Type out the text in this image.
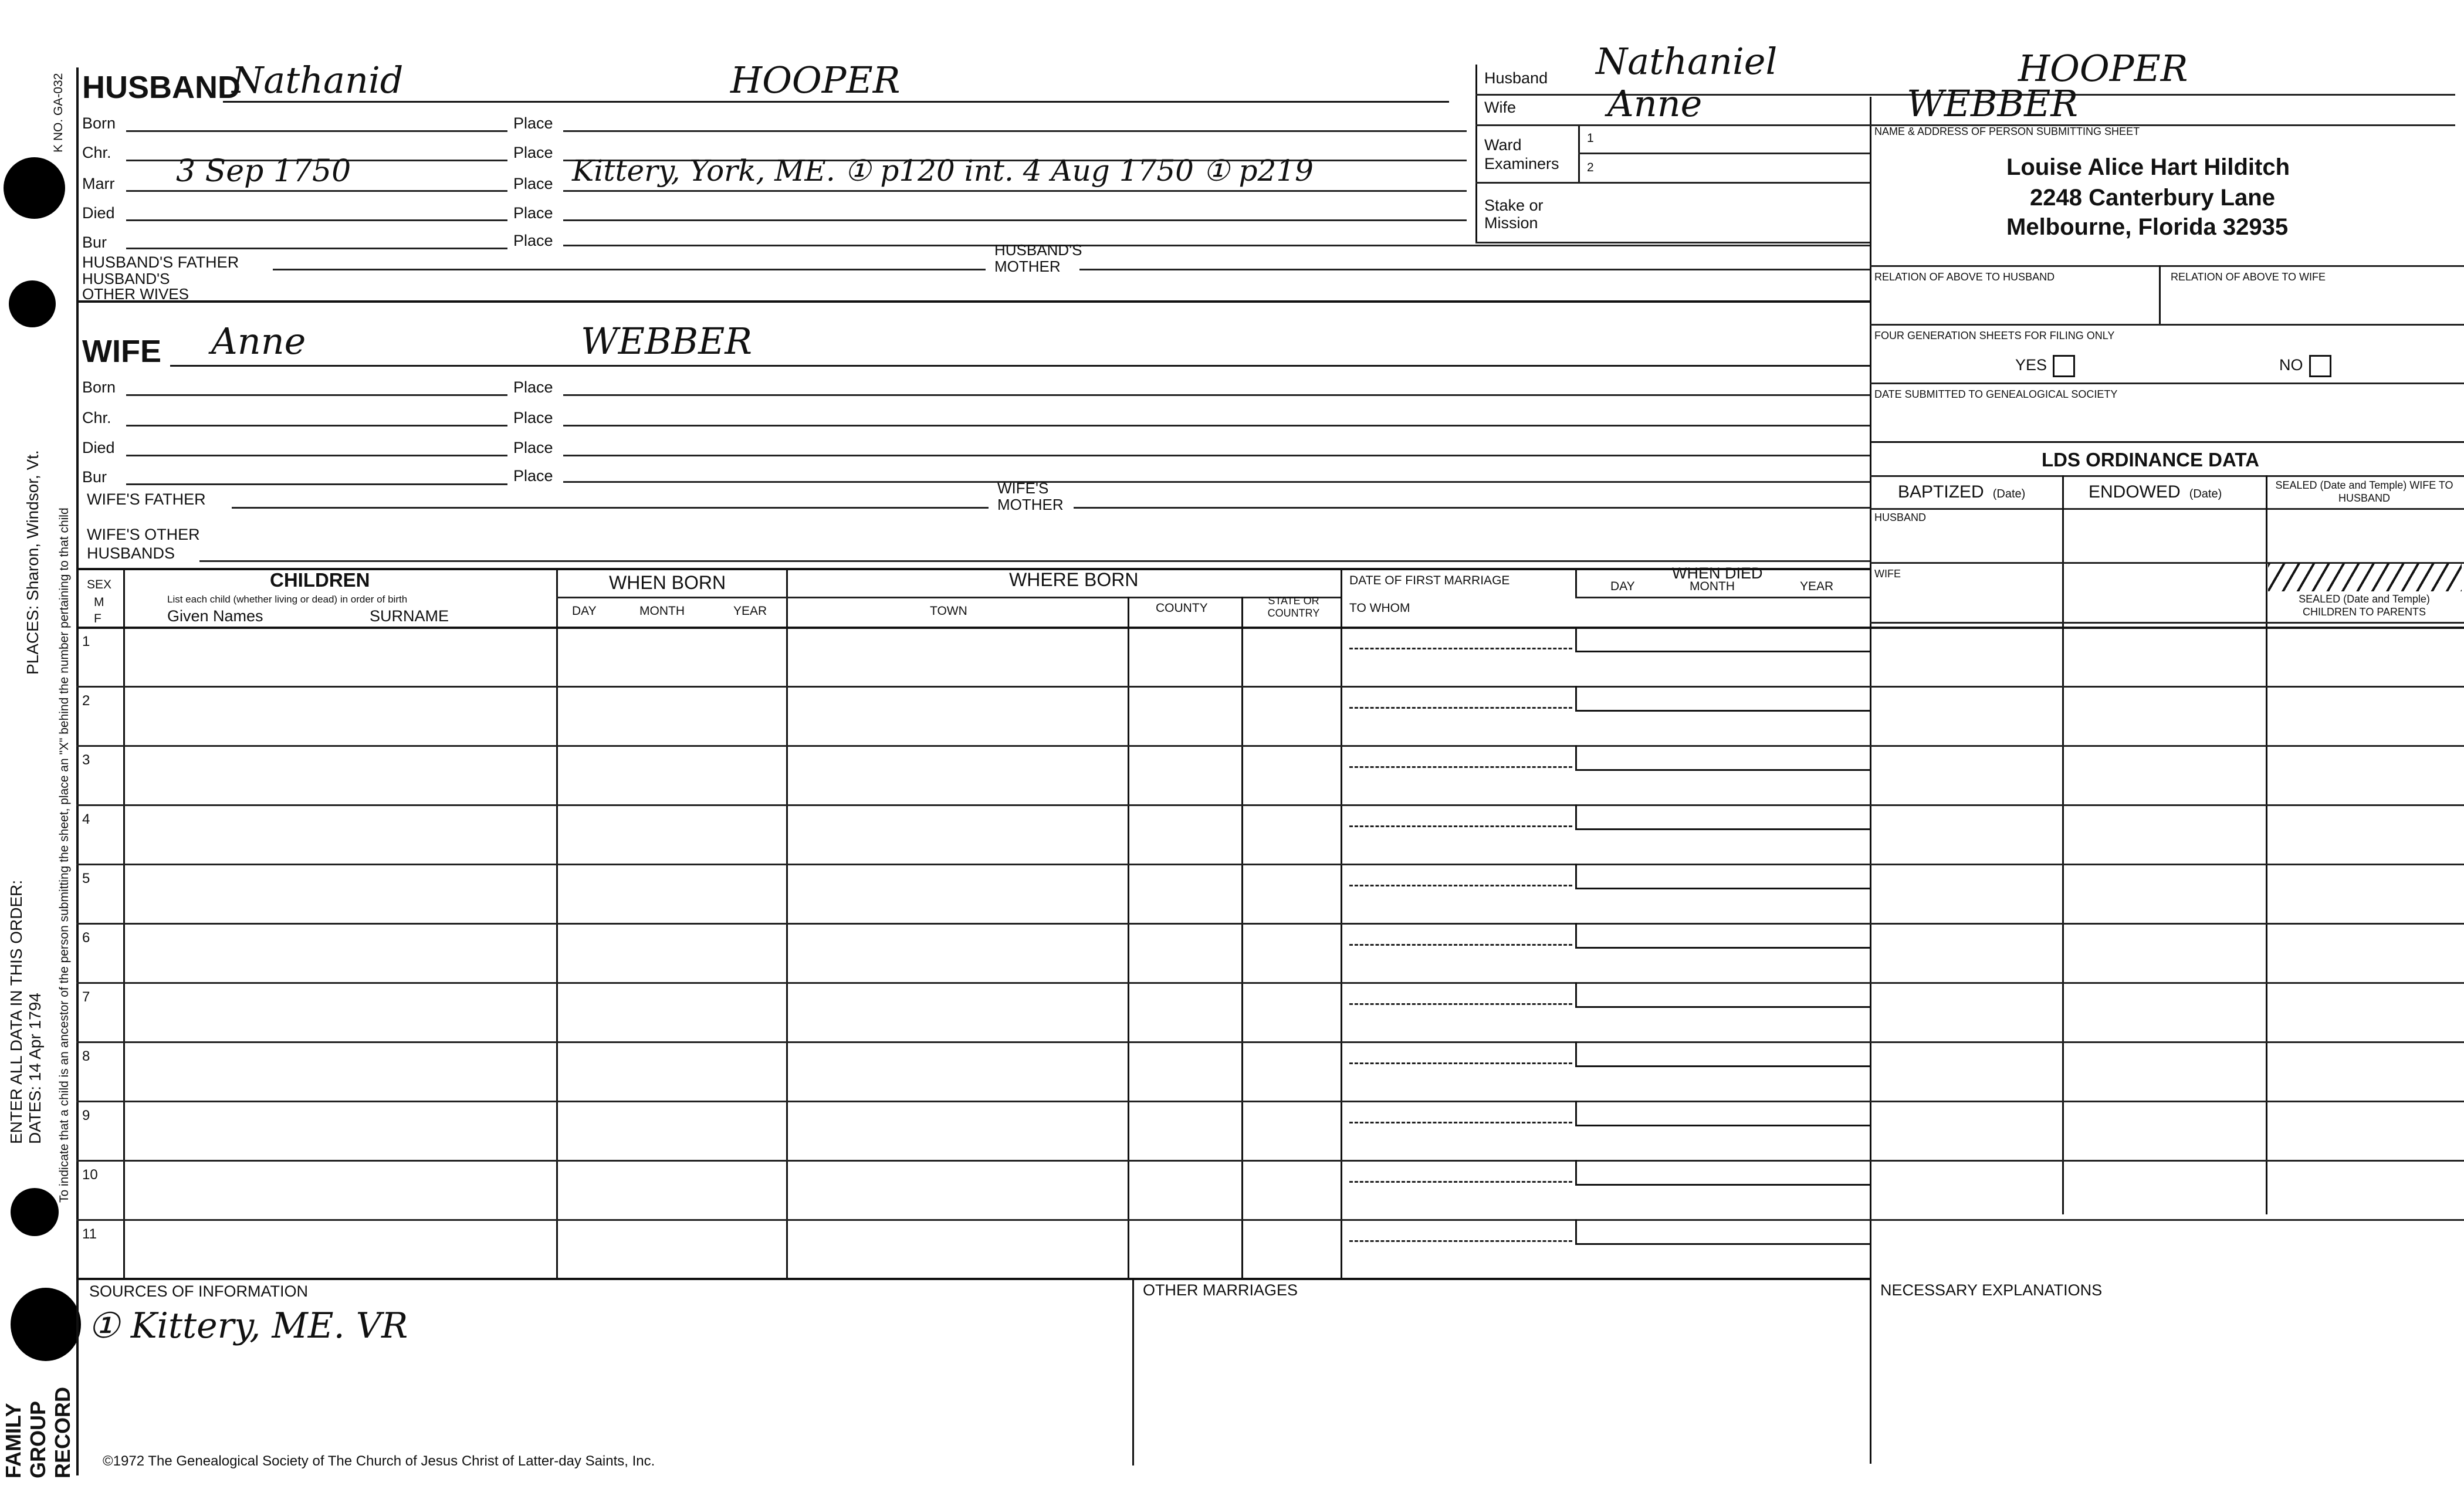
K NO. GA-032
PLACES: Sharon, Windsor, Vt. To indicate that a child is an ancestor of the person submitting the sheet, place an "X" behind the number pertaining to that child
ENTER ALL DATA IN THIS ORDER: DATES: 14 Apr 1794
FAMILY GROUP RECORD
HUSBAND
Nathanid	HOOPER
Born	Place
Chr.	Place
Marr 3 Sep 1750	Place Kittery, York, ME. ① p120 int. 4 Aug 1750 ① p219
Died	Place
Bur	Place
HUSBAND'S FATHER
HUSBAND'S MOTHER
HUSBAND'S OTHER WIVES
WIFE Anne	WEBBER
Born	Place
Chr.	Place
Died	Place
Bur	Place
WIFE'S FATHER
WIFE'S MOTHER
WIFE'S OTHER HUSBANDS
Husband Nathaniel	HOOPER
Wife	Anne	WEBBER
Ward	1
Examiners 2
Stake or
Mission
NAME & ADDRESS OF PERSON SUBMITTING SHEET
Louise Alice Hart Hilditch
2248 Canterbury Lane
Melbourne, Florida 32935
RELATION OF ABOVE TO HUSBAND	RELATION OF ABOVE TO WIFE
FOUR GENERATION SHEETS FOR FILING ONLY
YES	NO
DATE SUBMITTED TO GENEALOGICAL SOCIETY
LDS ORDINANCE DATA
BAPTIZED (Date)	ENDOWED (Date)
SEALED (Date and Temple) WIFE TO HUSBAND
HUSBAND
WIFE
SEALED (Date and Temple) CHILDREN TO PARENTS
SEX
M
F
CHILDREN
List each child (whether living or dead) in order of birth
Given Names	SURNAME
WHEN BORN
DAY	MONTH	YEAR
WHERE BORN
TOWN	COUNTY
STATE OR COUNTRY
DATE OF FIRST MARRIAGE
TO WHOM
WHEN DIED
DAY	MONTH	YEAR
1
2
3
4
5
6
7
8
9
10
11
SOURCES OF INFORMATION
① Kittery, ME. VR
OTHER MARRIAGES	NECESSARY EXPLANATIONS
©1972 The Genealogical Society of The Church of Jesus Christ of Latter-day Saints, Inc.
